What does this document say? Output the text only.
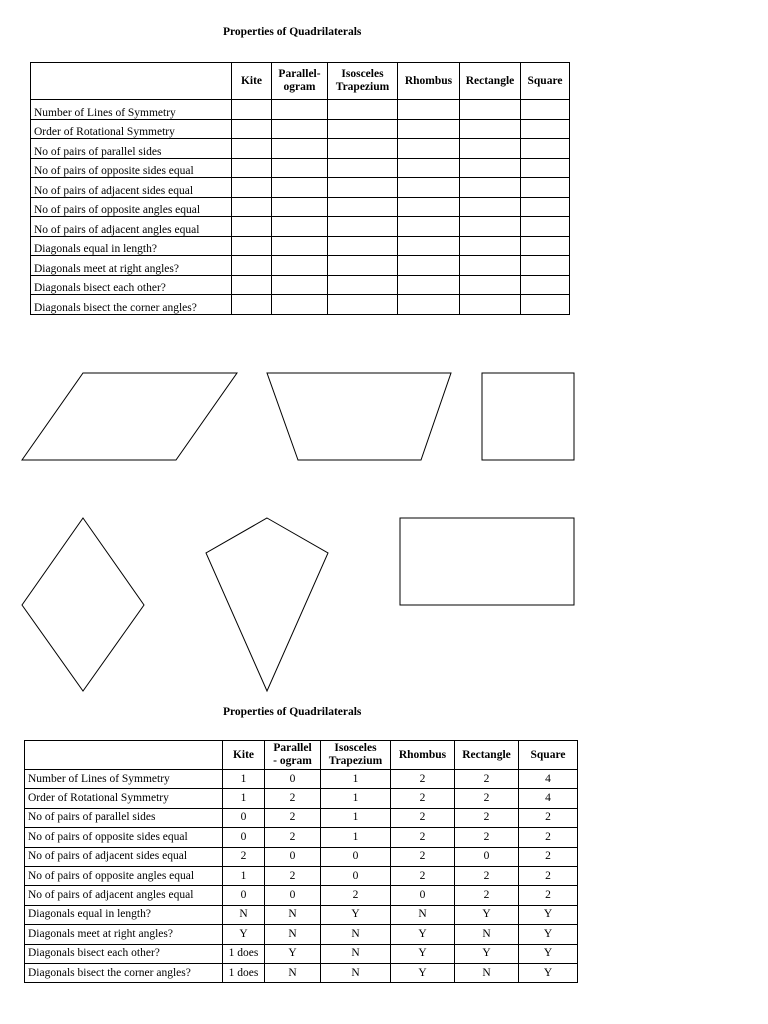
Properties of Quadrilaterals
	Kite	Parallel-
ogram	Isosceles
Trapezium	Rhombus	Rectangle	Square
Number of Lines of Symmetry						
Order of Rotational Symmetry						
No of pairs of parallel sides						
No of pairs of opposite sides equal						
No of pairs of adjacent sides equal						
No of pairs of opposite angles equal						
No of pairs of adjacent angles equal						
Diagonals equal in length?						
Diagonals meet at right angles?						
Diagonals bisect each other?						
Diagonals bisect the corner angles?						
Properties of Quadrilaterals
	Kite	Parallel
- ogram	Isosceles
Trapezium	Rhombus	Rectangle	Square
Number of Lines of Symmetry	1	0	1	2	2	4
Order of Rotational Symmetry	1	2	1	2	2	4
No of pairs of parallel sides	0	2	1	2	2	2
No of pairs of opposite sides equal	0	2	1	2	2	2
No of pairs of adjacent sides equal	2	0	0	2	0	2
No of pairs of opposite angles equal	1	2	0	2	2	2
No of pairs of adjacent angles equal	0	0	2	0	2	2
Diagonals equal in length?	N	N	Y	N	Y	Y
Diagonals meet at right angles?	Y	N	N	Y	N	Y
Diagonals bisect each other?	1 does	Y	N	Y	Y	Y
Diagonals bisect the corner angles?	1 does	N	N	Y	N	Y
